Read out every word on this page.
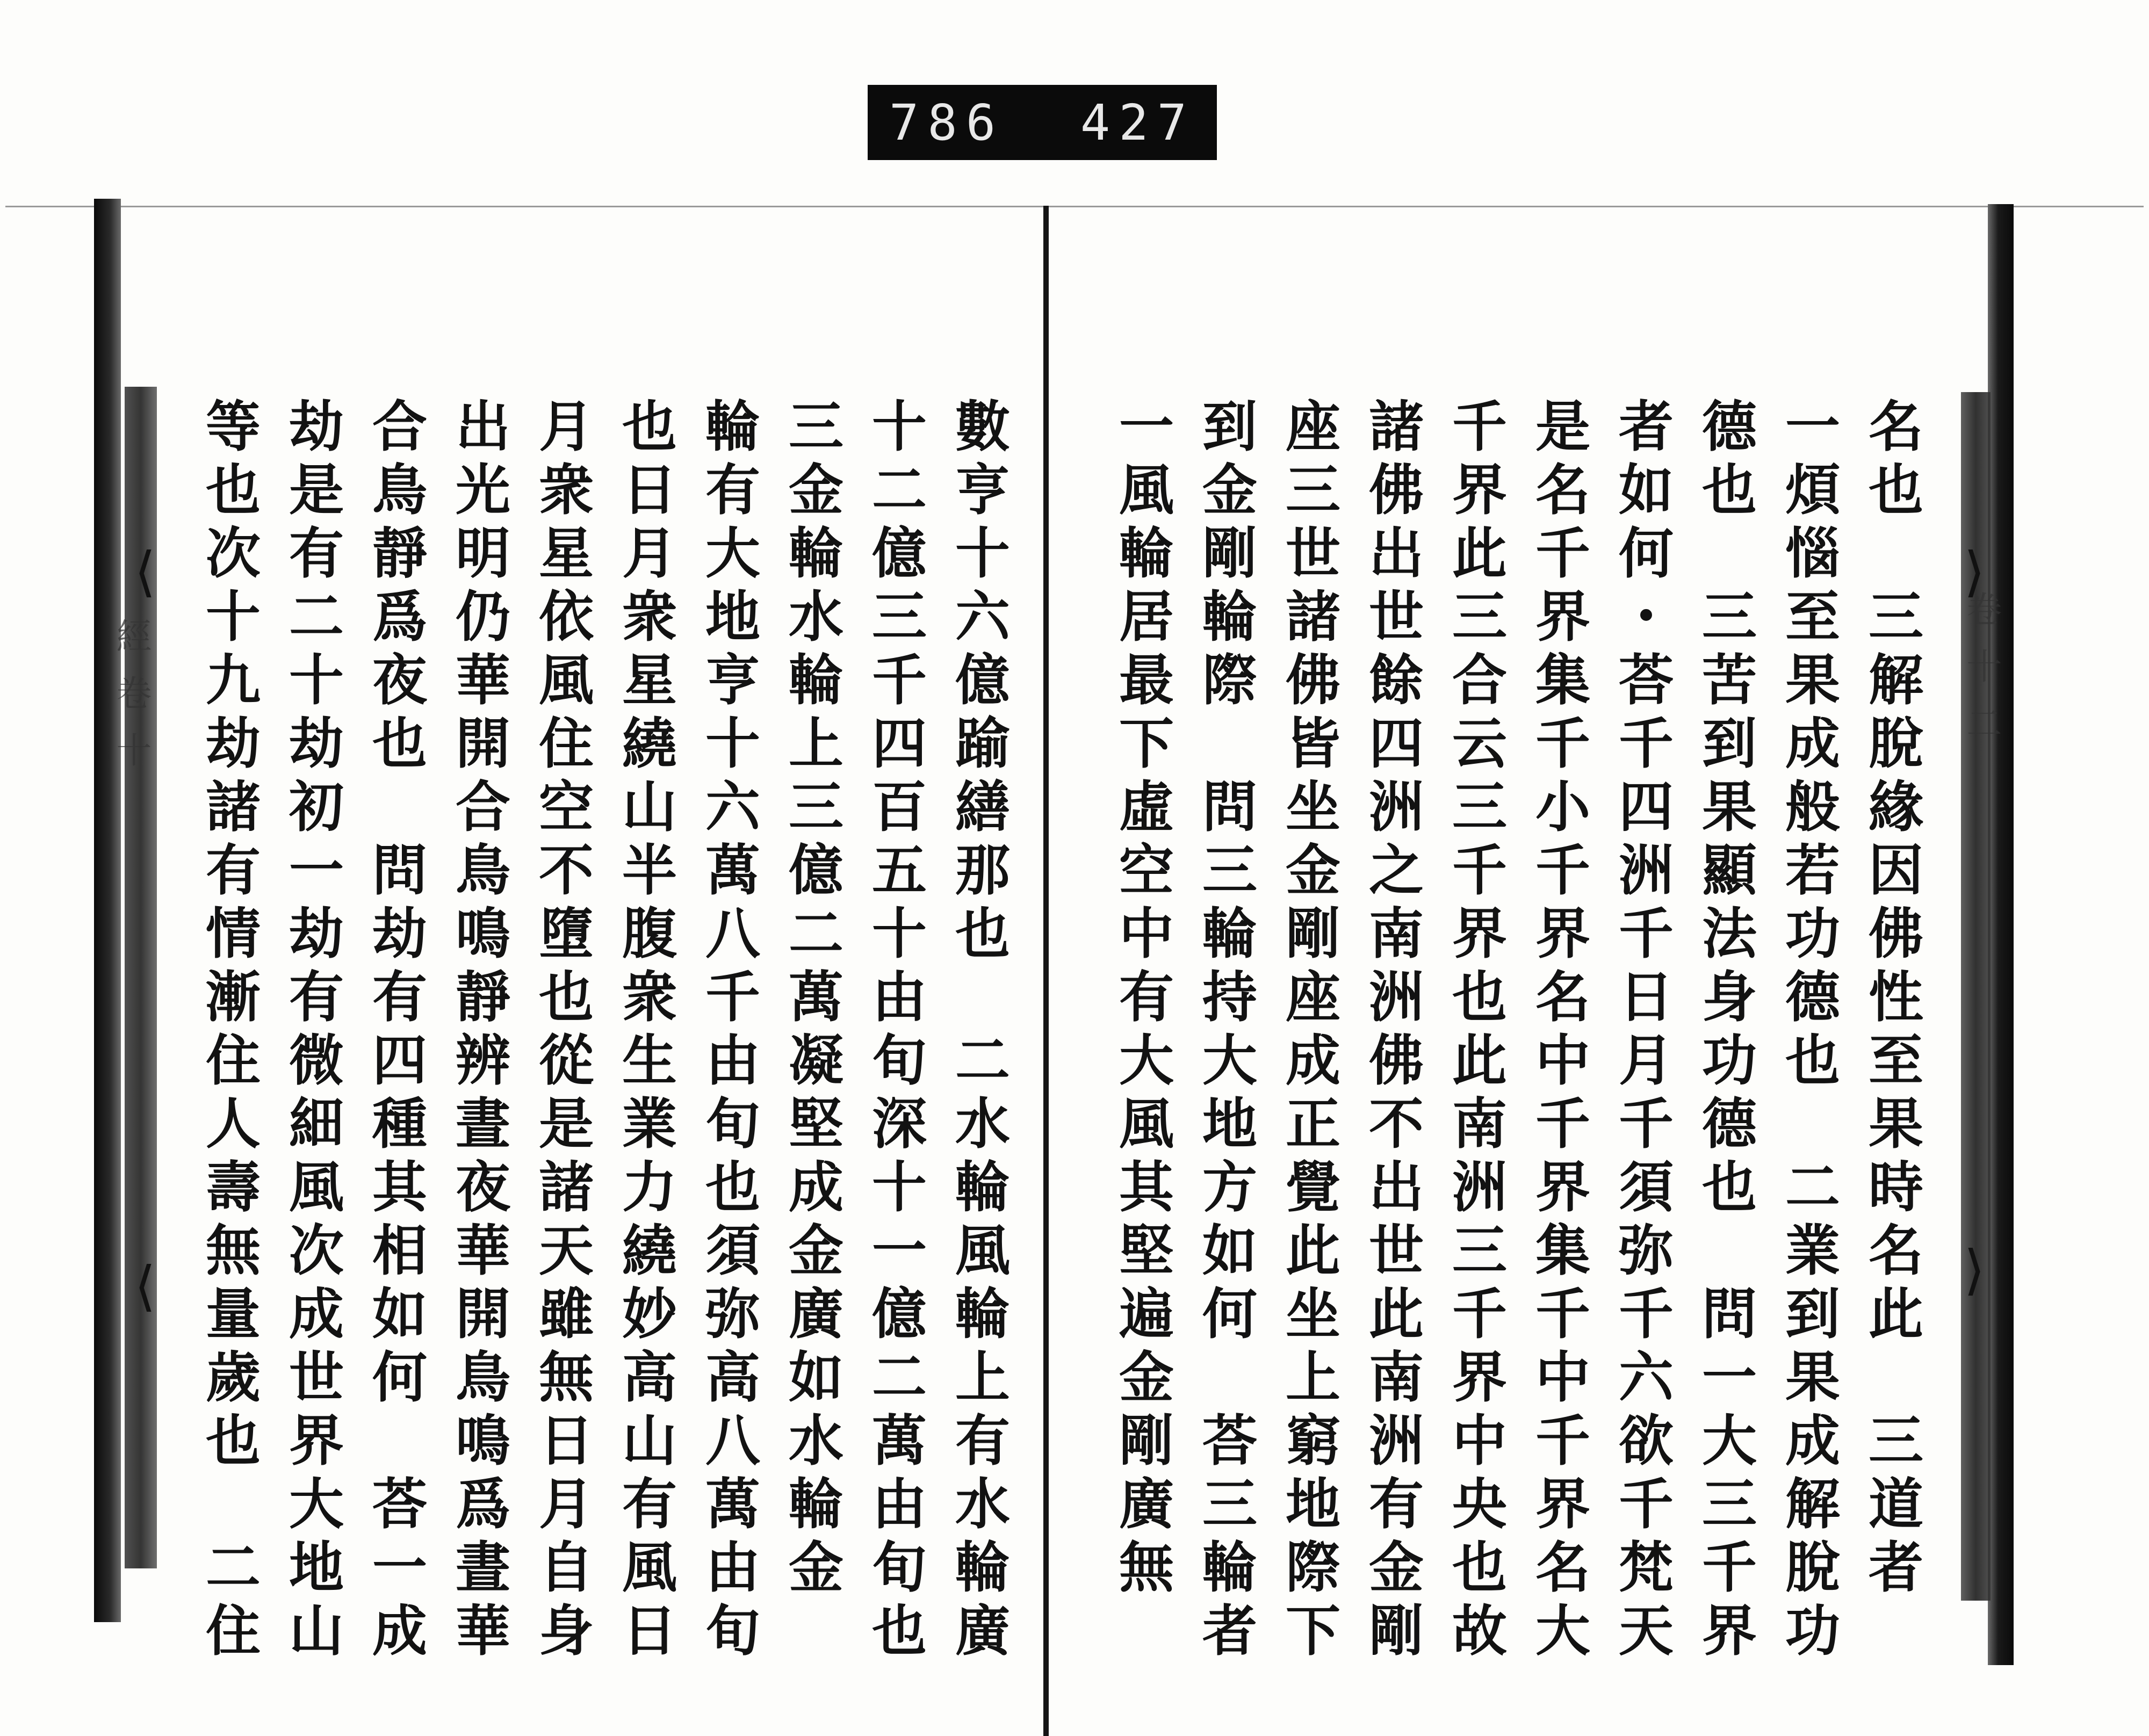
786 427
⟨
⟨
⟩
⟩
經卷十	卷十二
名也　三解脫緣因佛性至果時名此　三道者
一煩惱至果成般若功德也　二業到果成解脫功
德也　三苦到果顯法身功德也　問一大三千界
者如何・荅千四洲千日月千須弥千六欲千梵天
是名千界集千小千界名中千界集千中千界名大
千界此三合云三千界也此南洲三千界中央也故
諸佛出世餘四洲之南洲佛不出世此南洲有金剛
座三世諸佛皆坐金剛座成正覺此坐上窮地際下
到金剛輪際　問三輪持大地方如何　荅三輪者
一風輪居最下虛空中有大風其堅遍金剛廣無
數亨十六億踰繕那也　二水輪風輪上有水輪廣
十二億三千四百五十由旬深十一億二萬由旬也
三金輪水輪上三億二萬凝堅成金廣如水輪金
輪有大地亨十六萬八千由旬也須弥高八萬由旬
也日月衆星繞山半腹衆生業力繞妙高山有風日
月衆星依風住空不墮也從是諸天雖無日月自身
出光明仍華開合鳥鳴靜辨晝夜華開鳥鳴爲晝華
合鳥靜爲夜也　問劫有四種其相如何　荅一成
劫是有二十劫初一劫有微細風次成世界大地山
等也次十九劫諸有情漸住人壽無量歲也　二住
